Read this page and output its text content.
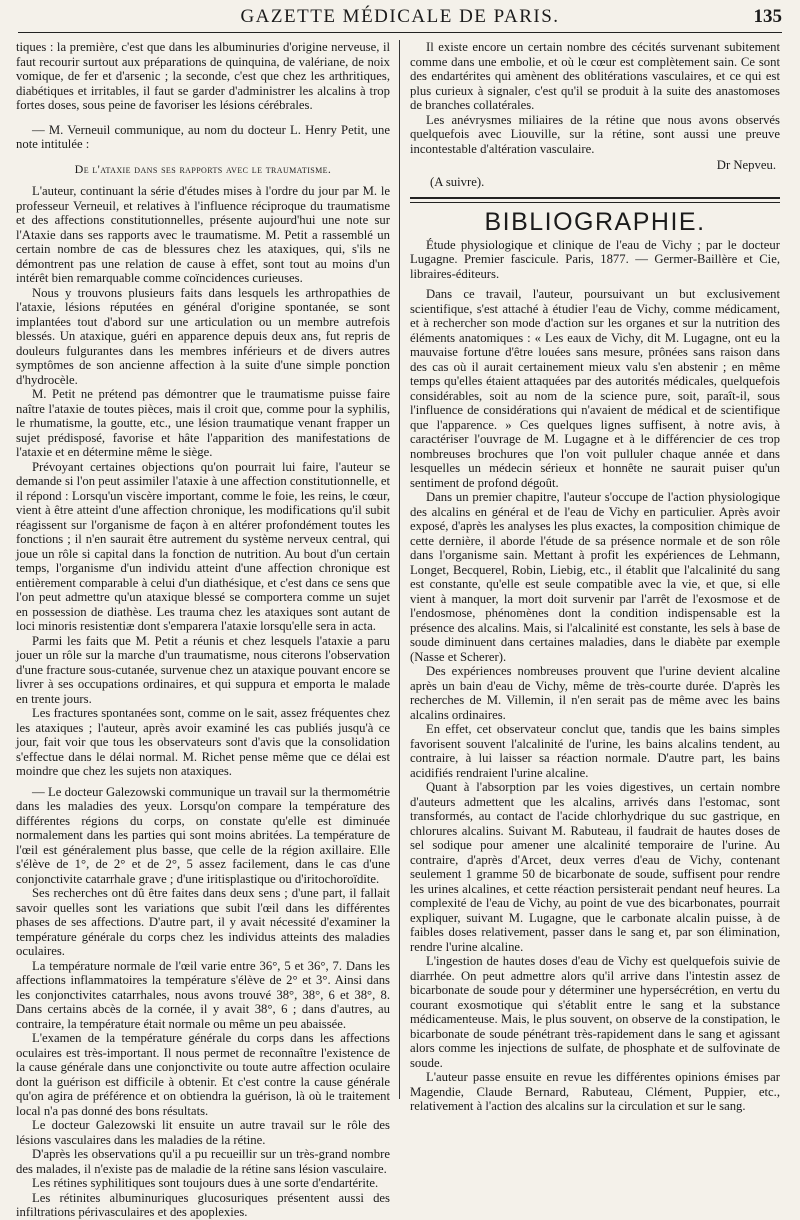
GAZETTE MÉDICALE DE PARIS.	135

tiques : la première, c'est que dans les albuminuries d'origine nerveuse, il faut recourir surtout aux préparations de quinquina, de valériane, de noix vomique, de fer et d'arsenic ; la seconde, c'est que chez les arthritiques, diabétiques et irritables, il faut se garder d'administrer les alcalins à trop fortes doses, sous peine de favoriser les lésions cérébrales.

— M. Verneuil communique, au nom du docteur L. Henry Petit, une note intitulée :

De l'ataxie dans ses rapports avec le traumatisme.

L'auteur, continuant la série d'études mises à l'ordre du jour par M. le professeur Verneuil, et relatives à l'influence réciproque du traumatisme et des affections constitutionnelles, présente aujourd'hui une note sur l'Ataxie dans ses rapports avec le traumatisme. M. Petit a rassemblé un certain nombre de cas de blessures chez les ataxiques, qui, s'ils ne démontrent pas une relation de cause à effet, sont tout au moins d'un intérêt bien remarquable comme coïncidences curieuses.

Nous y trouvons plusieurs faits dans lesquels les arthropathies de l'ataxie, lésions réputées en général d'origine spontanée, se sont implantées tout d'abord sur une articulation ou un membre autrefois blessés. Un ataxique, guéri en apparence depuis deux ans, fut repris de douleurs fulgurantes dans les membres inférieurs et de divers autres symptômes de son ancienne affection à la suite d'une simple ponction d'hydrocèle.

M. Petit ne prétend pas démontrer que le traumatisme puisse faire naître l'ataxie de toutes pièces, mais il croit que, comme pour la syphilis, le rhumatisme, la goutte, etc., une lésion traumatique venant frapper un sujet prédisposé, favorise et hâte l'apparition des manifestations de l'ataxie et en détermine même le siège.

Prévoyant certaines objections qu'on pourrait lui faire, l'auteur se demande si l'on peut assimiler l'ataxie à une affection constitutionnelle, et il répond : Lorsqu'un viscère important, comme le foie, les reins, le cœur, vient à être atteint d'une affection chronique, les modifications qu'il subit réagissent sur l'organisme de façon à en altérer profondément toutes les fonctions ; il n'en saurait être autrement du système nerveux central, qui joue un rôle si capital dans la fonction de nutrition. Au bout d'un certain temps, l'organisme d'un individu atteint d'une affection chronique est entièrement comparable à celui d'un diathésique, et c'est dans ce sens que l'on peut admettre qu'un ataxique blessé se comportera comme un sujet en possession de diathèse. Les trauma chez les ataxiques sont autant de loci minoris resistentiæ dont s'emparera l'ataxie lorsqu'elle sera in acta.

Parmi les faits que M. Petit a réunis et chez lesquels l'ataxie a paru jouer un rôle sur la marche d'un traumatisme, nous citerons l'observation d'une fracture sous-cutanée, survenue chez un ataxique pouvant encore se livrer à ses occupations ordinaires, et qui suppura et emporta le malade en trente jours.

Les fractures spontanées sont, comme on le sait, assez fréquentes chez les ataxiques ; l'auteur, après avoir examiné les cas publiés jusqu'à ce jour, fait voir que tous les observateurs sont d'avis que la consolidation s'effectue dans le délai normal. M. Richet pense même que ce délai est moindre que chez les sujets non ataxiques.

— Le docteur Galezowski communique un travail sur la thermométrie dans les maladies des yeux. Lorsqu'on compare la température des différentes régions du corps, on constate qu'elle est diminuée normalement dans les parties qui sont moins abritées. La température de l'œil est généralement plus basse, que celle de la région axillaire. Elle s'élève de 1°, de 2° et de 2°, 5 assez facilement, dans le cas d'une conjonctivite catarrhale grave ; d'une iritisplastique ou d'iritochoroïdite.

Ses recherches ont dû être faites dans deux sens ; d'une part, il fallait savoir quelles sont les variations que subit l'œil dans les différentes phases de ses affections. D'autre part, il y avait nécessité d'examiner la température générale du corps chez les individus atteints des maladies oculaires.

La température normale de l'œil varie entre 36°, 5 et 36°, 7. Dans les affections inflammatoires la température s'élève de 2° et 3°. Ainsi dans les conjonctivites catarrhales, nous avons trouvé 38°, 38°, 6 et 38°, 8. Dans certains abcès de la cornée, il y avait 38°, 6 ; dans d'autres, au contraire, la température était normale ou même un peu abaissée.

L'examen de la température générale du corps dans les affections oculaires est très-important. Il nous permet de reconnaître l'existence de la cause générale dans une conjonctivite ou toute autre affection oculaire dont la guérison est difficile à obtenir. Et c'est contre la cause générale qu'on agira de préférence et on obtiendra la guérison, là où le traitement local n'a pas donné des bons résultats.

Le docteur Galezowski lit ensuite un autre travail sur le rôle des lésions vasculaires dans les maladies de la rétine.

D'après les observations qu'il a pu recueillir sur un très-grand nombre des malades, il n'existe pas de maladie de la rétine sans lésion vasculaire.

Les rétines syphilitiques sont toujours dues à une sorte d'endartérite.

Les rétinites albuminuriques glucosuriques présentent aussi des infiltrations périvasculaires et des apoplexies.

Il existe encore un certain nombre des cécités survenant subitement comme dans une embolie, et où le cœur est complètement sain. Ce sont des endartérites qui amènent des oblitérations vasculaires, et ce qui est plus curieux à signaler, c'est qu'il se produit à la suite des anastomoses de branches collatérales.

Les anévrysmes miliaires de la rétine que nous avons observés quelquefois avec Liouville, sur la rétine, sont aussi une preuve incontestable d'altération vasculaire.

Dr Nepveu.
(A suivre).
BIBLIOGRAPHIE.

Étude physiologique et clinique de l'eau de Vichy ; par le docteur Lugagne. Premier fascicule. Paris, 1877. — Germer-Baillère et Cie, libraires-éditeurs.

Dans ce travail, l'auteur, poursuivant un but exclusivement scientifique, s'est attaché à étudier l'eau de Vichy, comme médicament, et à rechercher son mode d'action sur les organes et sur la nutrition des éléments anatomiques : « Les eaux de Vichy, dit M. Lugagne, ont eu la mauvaise fortune d'être louées sans mesure, prônées sans raison dans des cas où il aurait certainement mieux valu s'en abstenir ; en même temps qu'elles étaient attaquées par des autorités médicales, quelquefois considérables, soit au nom de la science pure, soit, paraît-il, sous l'influence de considérations qui n'avaient de médical et de scientifique que l'apparence. » Ces quelques lignes suffisent, à notre avis, à caractériser l'ouvrage de M. Lugagne et à le différencier de ces trop nombreuses brochures que l'on voit pulluler chaque année et dans lesquelles un médecin sérieux et honnête ne saurait puiser qu'un sentiment de profond dégoût.

Dans un premier chapitre, l'auteur s'occupe de l'action physiologique des alcalins en général et de l'eau de Vichy en particulier. Après avoir exposé, d'après les analyses les plus exactes, la composition chimique de cette dernière, il aborde l'étude de sa présence normale et de son rôle dans l'organisme sain. Mettant à profit les expériences de Lehmann, Longet, Becquerel, Robin, Liebig, etc., il établit que l'alcalinité du sang est constante, qu'elle est seule compatible avec la vie, et que, si elle vient à manquer, la mort doit survenir par l'arrêt de l'exosmose et de l'endosmose, phénomènes dont la condition indispensable est la présence des alcalins. Mais, si l'alcalinité est constante, les sels à base de soude diminuent dans certaines maladies, dans le diabète par exemple (Nasse et Scherer).

Des expériences nombreuses prouvent que l'urine devient alcaline après un bain d'eau de Vichy, même de très-courte durée. D'après les recherches de M. Villemin, il n'en serait pas de même avec les bains alcalins ordinaires.

En effet, cet observateur conclut que, tandis que les bains simples favorisent souvent l'alcalinité de l'urine, les bains alcalins tendent, au contraire, à lui laisser sa réaction normale. D'autre part, les bains acidifiés rendraient l'urine alcaline.

Quant à l'absorption par les voies digestives, un certain nombre d'auteurs admettent que les alcalins, arrivés dans l'estomac, sont transformés, au contact de l'acide chlorhydrique du suc gastrique, en chlorures alcalins. Suivant M. Rabuteau, il faudrait de hautes doses de sel sodique pour amener une alcalinité temporaire de l'urine. Au contraire, d'après d'Arcet, deux verres d'eau de Vichy, contenant seulement 1 gramme 50 de bicarbonate de soude, suffisent pour rendre les urines alcalines, et cette réaction persisterait pendant neuf heures. La complexité de l'eau de Vichy, au point de vue des bicarbonates, pourrait expliquer, suivant M. Lugagne, que le carbonate alcalin puisse, à de faibles doses relativement, passer dans le sang et, par son élimination, rendre l'urine alcaline.

L'ingestion de hautes doses d'eau de Vichy est quelquefois suivie de diarrhée. On peut admettre alors qu'il arrive dans l'intestin assez de bicarbonate de soude pour y déterminer une hypersécrétion, en vertu du courant exosmotique qui s'établit entre le sang et la substance médicamenteuse. Mais, le plus souvent, on observe de la constipation, le bicarbonate de soude pénétrant très-rapidement dans le sang et agissant alors comme les injections de sulfate, de phosphate et de sulfovinate de soude.

L'auteur passe ensuite en revue les différentes opinions émises par Magendie, Claude Bernard, Rabuteau, Clément, Puppier, etc., relativement à l'action des alcalins sur la circulation et sur le sang.
